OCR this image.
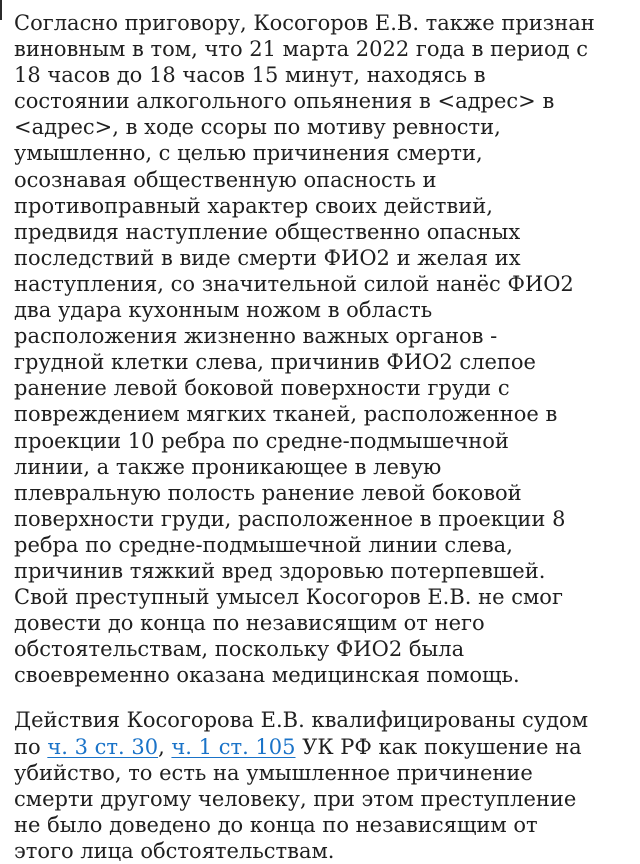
Согласно приговору, Косогоров Е.В. также признан
виновным в том, что 21 марта 2022 года в период с
18 часов до 18 часов 15 минут, находясь в
состоянии алкогольного опьянения в <адрес> в
<адрес>, в ходе ссоры по мотиву ревности,
умышленно, с целью причинения смерти,
осознавая общественную опасность и
противоправный характер своих действий,
предвидя наступление общественно опасных
последствий в виде смерти ФИО2 и желая их
наступления, со значительной силой нанёс ФИО2
два удара кухонным ножом в область
расположения жизненно важных органов -
грудной клетки слева, причинив ФИО2 слепое
ранение левой боковой поверхности груди с
повреждением мягких тканей, расположенное в
проекции 10 ребра по средне-подмышечной
линии, а также проникающее в левую
плевральную полость ранение левой боковой
поверхности груди, расположенное в проекции 8
ребра по средне-подмышечной линии слева,
причинив тяжкий вред здоровью потерпевшей.
Свой преступный умысел Косогоров Е.В. не смог
довести до конца по независящим от него
обстоятельствам, поскольку ФИО2 была
своевременно оказана медицинская помощь.

Действия Косогорова Е.В. квалифицированы судом
по ч. 3 ст. 30, ч. 1 ст. 105 УК РФ как покушение на
убийство, то есть на умышленное причинение
смерти другому человеку, при этом преступление
не было доведено до конца по независящим от
этого лица обстоятельствам.
